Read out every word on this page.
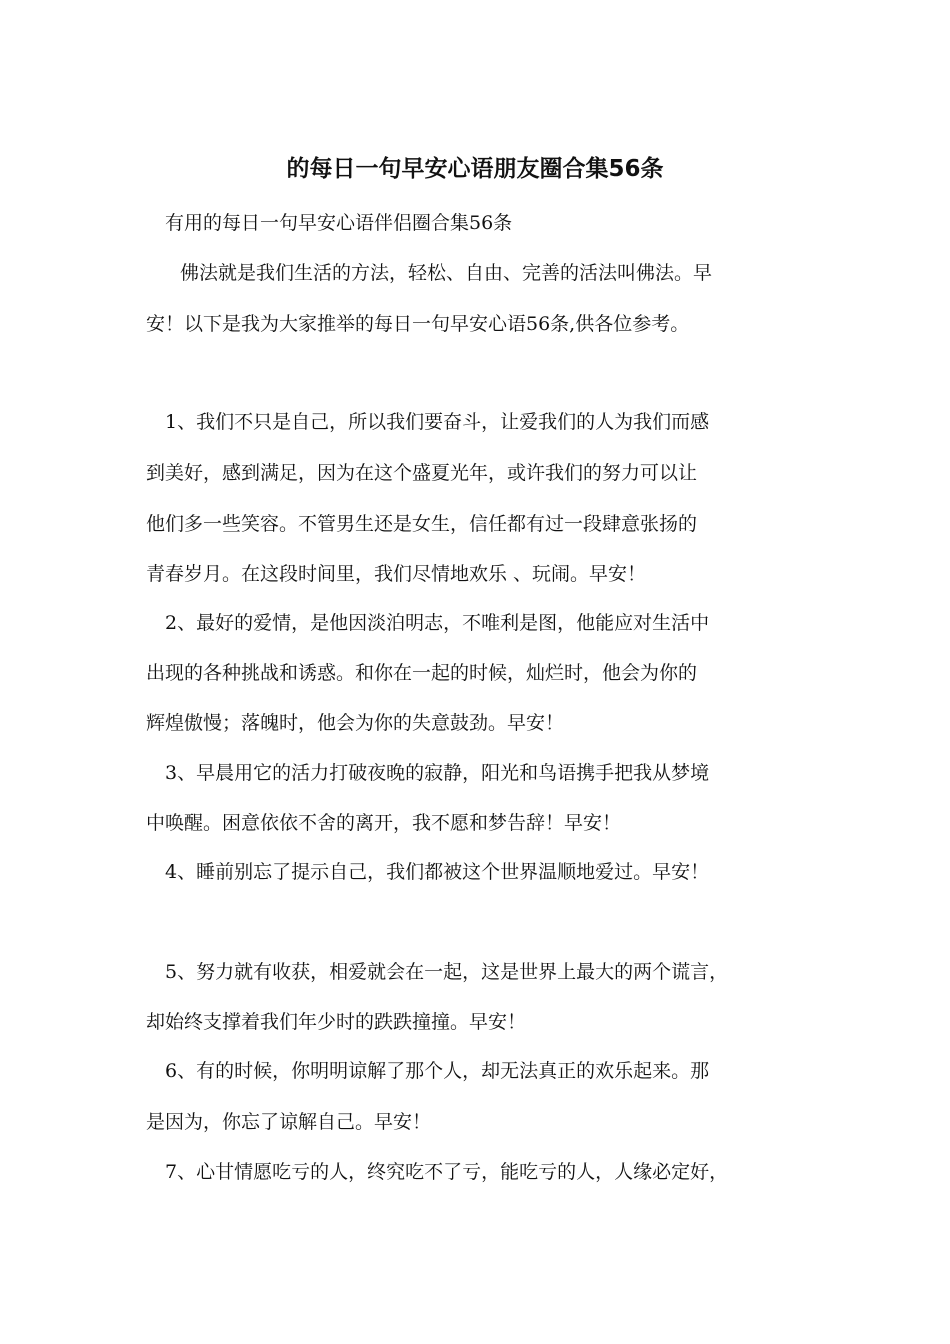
的每日一句早安心语朋友圈合集56条
有用的每日一句早安心语伴侣圈合集56条
佛法就是我们生活的方法，轻松、自由、完善的活法叫佛法。早
安！以下是我为大家推举的每日一句早安心语56条,供各位参考。
1、我们不只是自己，所以我们要奋斗，让爱我们的人为我们而感
到美好，感到满足，因为在这个盛夏光年，或许我们的努力可以让
他们多一些笑容。不管男生还是女生，信任都有过一段肆意张扬的
青春岁月。在这段时间里，我们尽情地欢乐 、玩闹。早安！
2、最好的爱情，是他因淡泊明志，不唯利是图，他能应对生活中
出现的各种挑战和诱惑。和你在一起的时候，灿烂时，他会为你的
辉煌傲慢；落魄时，他会为你的失意鼓劲。早安！
3、早晨用它的活力打破夜晚的寂静，阳光和鸟语携手把我从梦境
中唤醒。困意依依不舍的离开，我不愿和梦告辞！早安！
4、睡前别忘了提示自己，我们都被这个世界温顺地爱过。早安！
5、努力就有收获，相爱就会在一起，这是世界上最大的两个谎言，
却始终支撑着我们年少时的跌跌撞撞。早安！
6、有的时候，你明明谅解了那个人，却无法真正的欢乐起来。那
是因为，你忘了谅解自己。早安！
7、心甘情愿吃亏的人，终究吃不了亏，能吃亏的人，人缘必定好，
